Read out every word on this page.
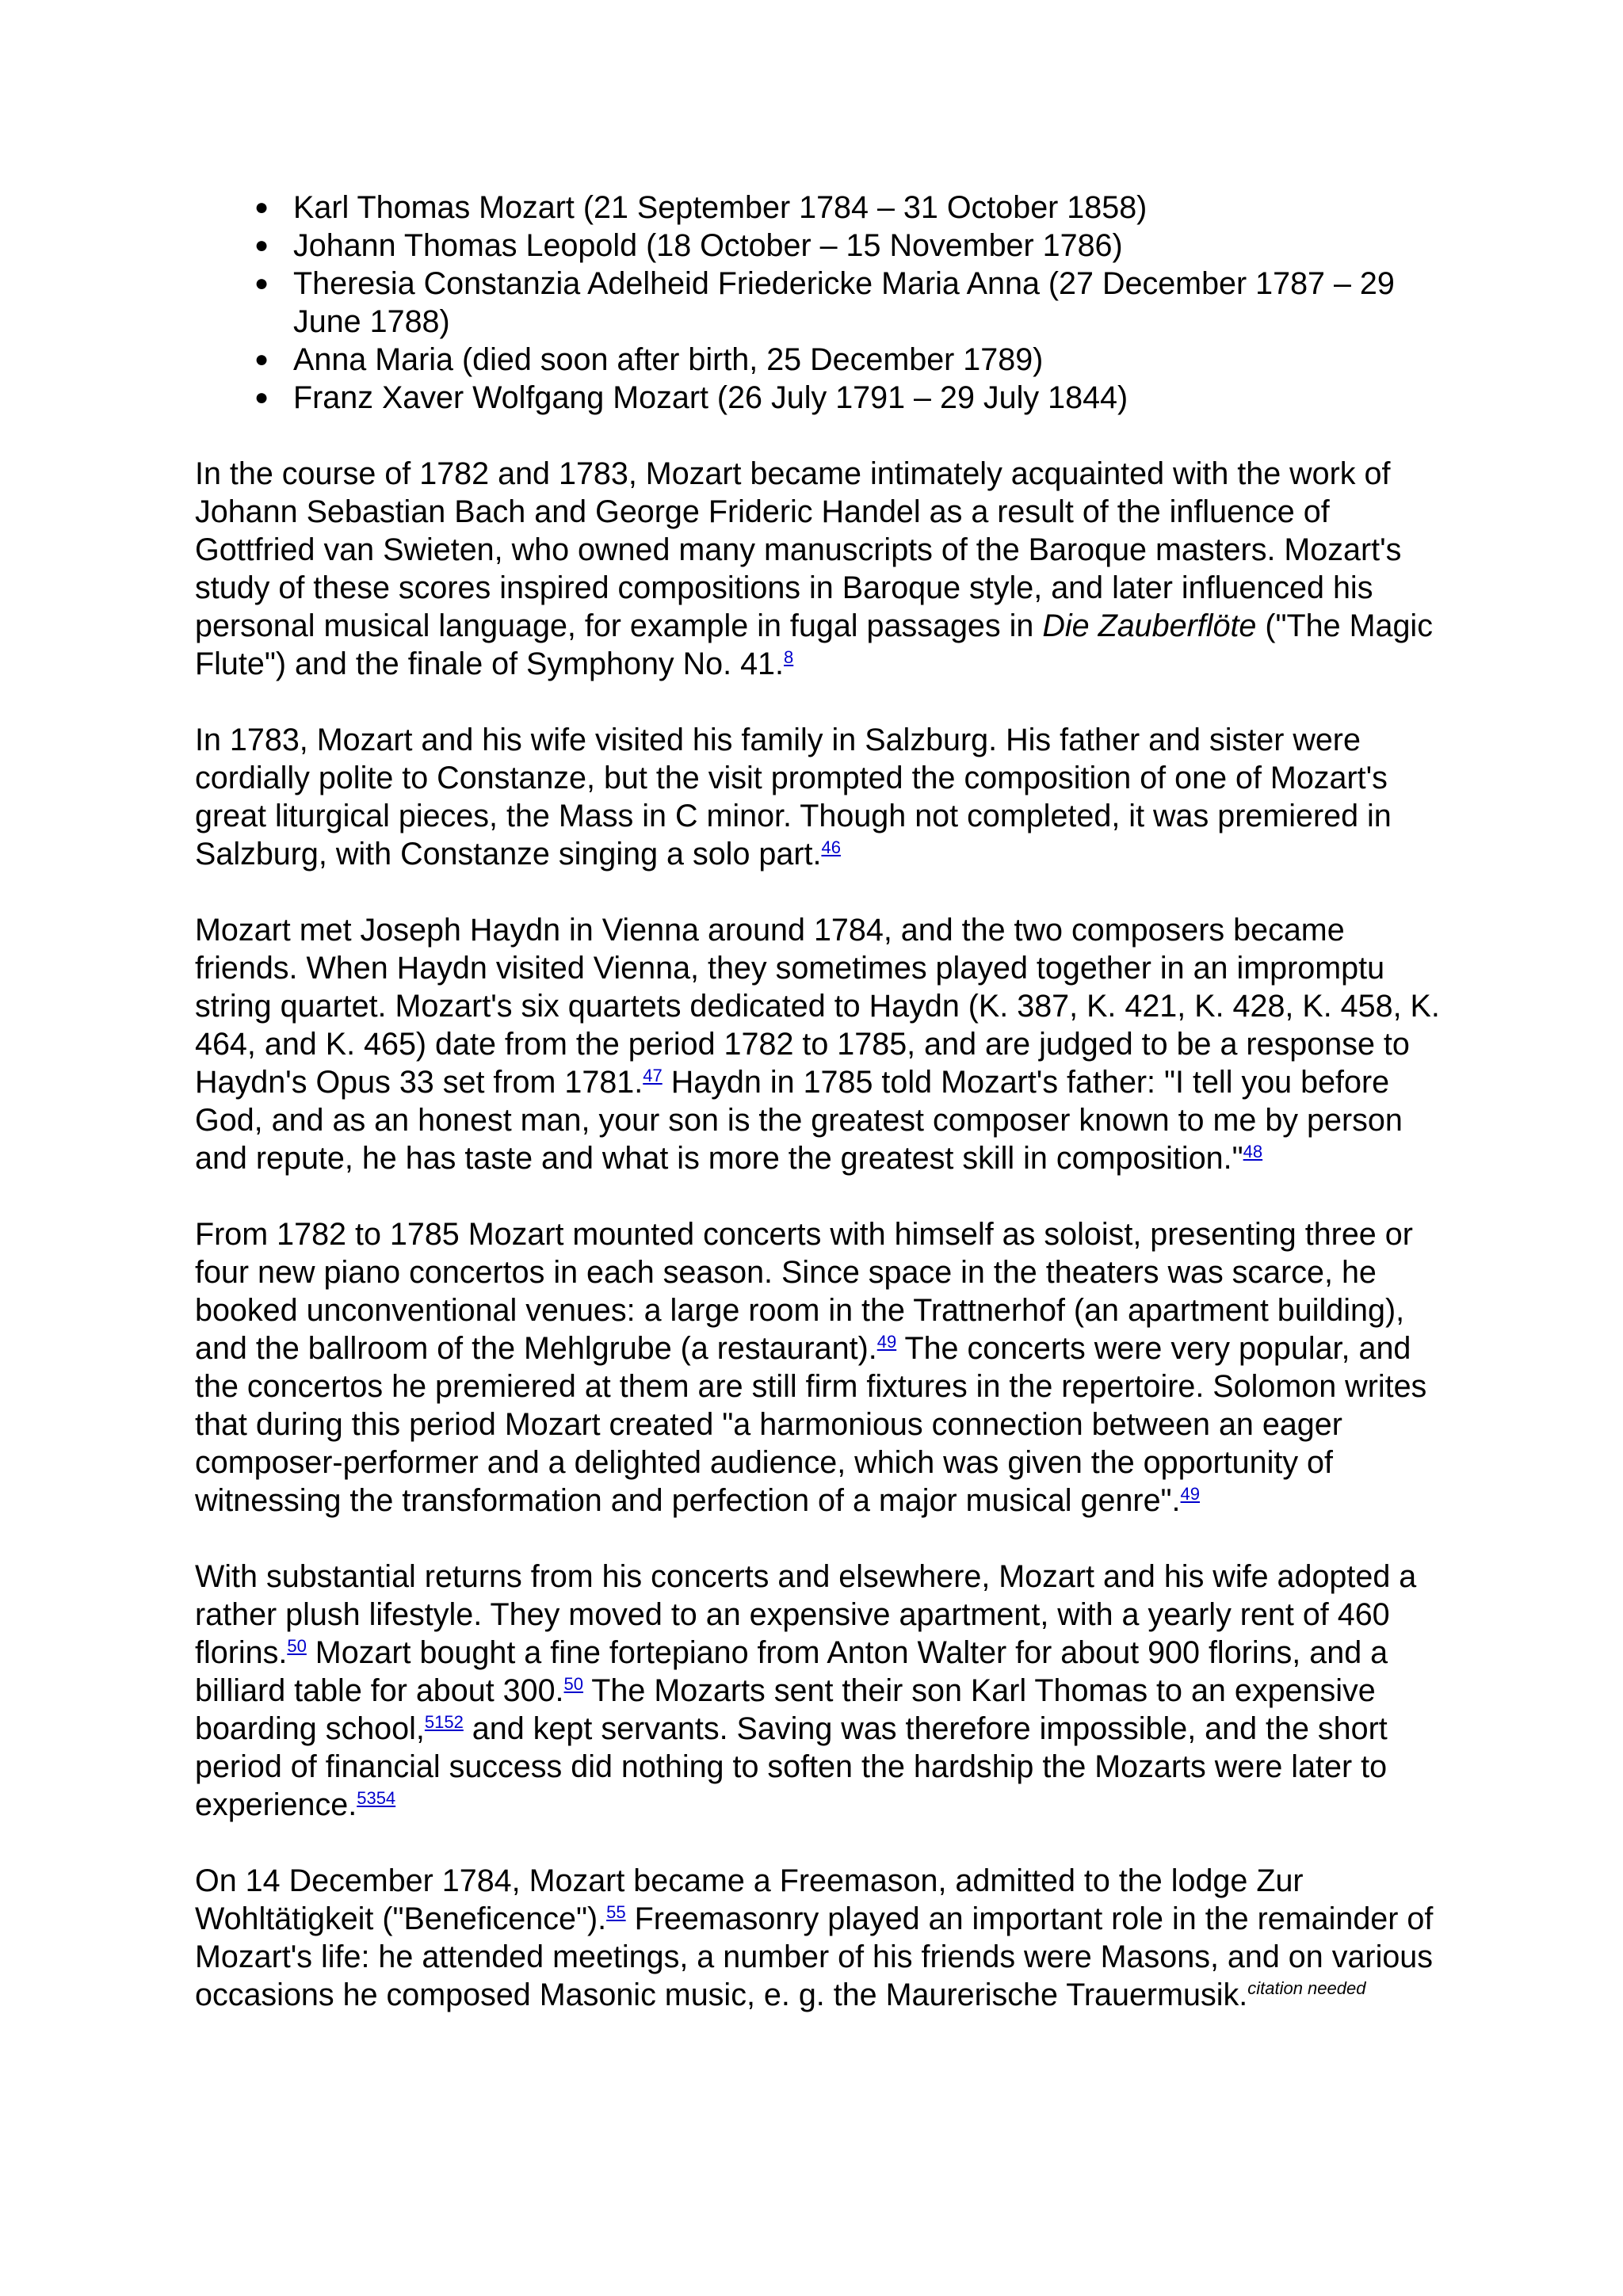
● Karl Thomas Mozart (21 September 1784 – 31 October 1858)
● Johann Thomas Leopold (18 October – 15 November 1786)
● Theresia Constanzia Adelheid Friedericke Maria Anna (27 December 1787 – 29 June 1788)
● Anna Maria (died soon after birth, 25 December 1789)
● Franz Xaver Wolfgang Mozart (26 July 1791 – 29 July 1844)

In the course of 1782 and 1783, Mozart became intimately acquainted with the work of Johann Sebastian Bach and George Frideric Handel as a result of the influence of Gottfried van Swieten, who owned many manuscripts of the Baroque masters. Mozart's study of these scores inspired compositions in Baroque style, and later influenced his personal musical language, for example in fugal passages in Die Zauberflöte ("The Magic Flute") and the finale of Symphony No. 41.$^8$

In 1783, Mozart and his wife visited his family in Salzburg. His father and sister were cordially polite to Constanze, but the visit prompted the composition of one of Mozart's great liturgical pieces, the Mass in C minor. Though not completed, it was premiered in Salzburg, with Constanze singing a solo part.$^{46}$

Mozart met Joseph Haydn in Vienna around 1784, and the two composers became friends. When Haydn visited Vienna, they sometimes played together in an impromptu string quartet. Mozart's six quartets dedicated to Haydn (K. 387, K. 421, K. 428, K. 458, K. 464, and K. 465) date from the period 1782 to 1785, and are judged to be a response to Haydn's Opus 33 set from 1781.47 Haydn in 1785 told Mozart's father: "I tell you before God, and as an honest man, your son is the greatest composer known to me by person and repute, he has taste and what is more the greatest skill in composition."$^{48}$

From 1782 to 1785 Mozart mounted concerts with himself as soloist, presenting three or four new piano concertos in each season. Since space in the theaters was scarce, he booked unconventional venues: a large room in the Trattnerhof (an apartment building), and the ballroom of the Mehlgrube (a restaurant).$^{49}$ The concerts were very popular, and the concertos he premiered at them are still firm fixtures in the repertoire. Solomon writes that during this period Mozart created "a harmonious connection between an eager composer-performer and a delighted audience, which was given the opportunity of witnessing the transformation and perfection of a major musical genre".$^{49}$

With substantial returns from his concerts and elsewhere, Mozart and his wife adopted a rather plush lifestyle. They moved to an expensive apartment, with a yearly rent of 460 florins.$^{50}$ Mozart bought a fine fortepiano from Anton Walter for about 900 florins, and a billiard table for about 300.50 The Mozarts sent their son Karl Thomas to an expensive boarding school,$^{5152}$ and kept servants. Saving was therefore impossible, and the short period of financial success did nothing to soften the hardship the Mozarts were later to experience.$^{5354}$

On 14 December 1784, Mozart became a Freemason, admitted to the lodge Zur Wohltätigkeit ("Beneficence").$^{55}$ Freemasonry played an important role in the remainder of Mozart's life: he attended meetings, a number of his friends were Masons, and on various occasions he composed Masonic music, e. g. the Maurerische Trauermusik.$^{citation needed}$
